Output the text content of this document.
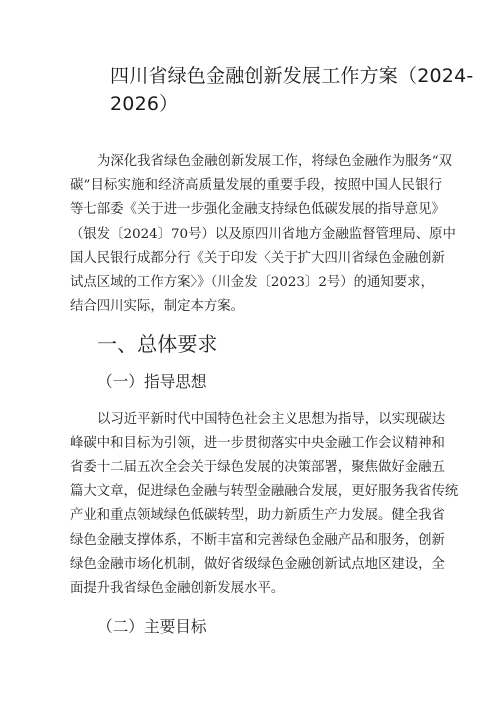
四川省绿色金融创新发展工作方案（2024-
2026）
为深化我省绿色金融创新发展工作，将绿色金融作为服务“双
碳”目标实施和经济高质量发展的重要手段，按照中国人民银行
等七部委《关于进一步强化金融支持绿色低碳发展的指导意见》
（银发〔2024〕70号）以及原四川省地方金融监督管理局、原中
国人民银行成都分行《关于印发〈关于扩大四川省绿色金融创新
试点区域的工作方案〉》（川金发〔2023〕2号）的通知要求，
结合四川实际，制定本方案。
一、总体要求
（一）指导思想
以习近平新时代中国特色社会主义思想为指导，以实现碳达
峰碳中和目标为引领，进一步贯彻落实中央金融工作会议精神和
省委十二届五次全会关于绿色发展的决策部署，聚焦做好金融五
篇大文章，促进绿色金融与转型金融融合发展，更好服务我省传统
产业和重点领域绿色低碳转型，助力新质生产力发展。健全我省
绿色金融支撑体系，不断丰富和完善绿色金融产品和服务，创新
绿色金融市场化机制，做好省级绿色金融创新试点地区建设，全
面提升我省绿色金融创新发展水平。
（二）主要目标
